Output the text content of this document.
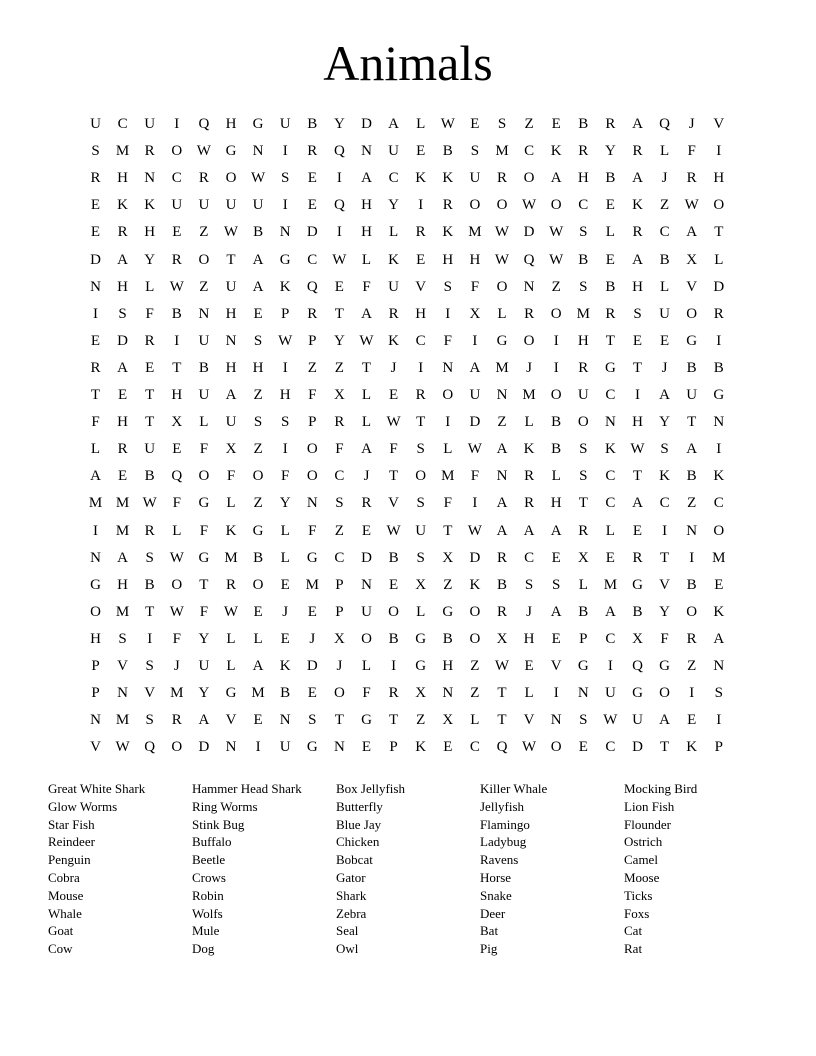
Animals
U	C	U	I	Q	H	G	U	B	Y	D	A	L	W	E	S	Z	E	B	R	A	Q	J	V
S	M	R	O W G	N	I	R	Q	N	U	E	B	S	M	C	K	R	Y	R	L	F	I
R	H	N	C	R	O W	S	E	I	A	C	K	K	U	R	O	A	H	B	A	J	R	H
E	K	K	U	U	U	U	I	E	Q	H	Y	I	R	O	O W O	C	E	K	Z	W O
E	R	H	E	Z	W	B	N	D	I	H	L	R	K	M W D W	S	L	R	C	A	T
D	A	Y	R	O	T	A	G	C	W	L	K	E	H	H W Q W	B	E	A	B	X	L
N	H	L	W	Z	U	A	K	Q	E	F	U	V	S	F	O	N	Z	S	B	H	L	V	D
I	S	F	B	N	H	E	P	R	T	A	R	H	I	X	L	R	O	M	R	S	U	O	R
E	D	R	I	U	N	S	W	P	Y W K	C	F	I	G	O	I	H	T	E	E	G	I
R	A	E	T	B	H	H	I	Z	Z	T	J	I	N	A	M	J	I	R	G	T	J	B	B
T	E	T	H	U	A	Z	H	F	X	L	E	R	O	U	N	M	O	U	C	I	A	U	G
F	H	T	X	L	U	S	S	P	R	L	W	T	I	D	Z	L	B	O	N	H	Y	T	N
L	R	U	E	F	X	Z	I	O	F	A	F	S	L	W A	K	B	S	K W	S	A	I
A	E	B	Q	O	F	O	F	O	C	J	T	O	M	F	N	R	L	S	C	T	K	B	K
M M W	F	G	L	Z	Y	N	S	R	V	S	F	I	A	R	H	T	C	A	C	Z	C
I	M	R	L	F	K	G	L	F	Z	E	W U	T	W A	A	A	R	L	E	I	N	O
N	A	S	W G	M	B	L	G	C	D	B	S	X	D	R	C	E	X	E	R	T	I	M
G	H	B	O	T	R	O	E	M	P	N	E	X	Z	K	B	S	S	L	M	G	V	B	E
O	M	T	W	F	W	E	J	E	P	U	O	L	G	O	R	J	A	B	A	B	Y	O	K
H	S	I	F	Y	L	L	E	J	X	O	B	G	B	O	X	H	E	P	C	X	F	R	A
P	V	S	J	U	L	A	K	D	J	L	I	G	H	Z	W	E	V	G	I	Q	G	Z	N
P	N	V	M	Y	G	M	B	E	O	F	R	X	N	Z	T	L	I	N	U	G	O	I	S
N	M	S	R	A	V	E	N	S	T	G	T	Z	X	L	T	V	N	S	W U	A	E	I
V W Q	O	D	N	I	U	G	N	E	P	K	E	C	Q W O	E	C	D	T	K	P
Great White Shark
Glow Worms
Star Fish
Reindeer
Penguin
Cobra
Mouse
Whale
Goat
Cow
Hammer Head Shark
Ring Worms
Stink Bug
Buffalo
Beetle
Crows
Robin
Wolfs
Mule
Dog
Box Jellyfish
Butterfly
Blue Jay
Chicken
Bobcat
Gator
Shark
Zebra
Seal
Owl
Killer Whale
Jellyfish
Flamingo
Ladybug
Ravens
Horse
Snake
Deer
Bat
Pig
Mocking Bird
Lion Fish
Flounder
Ostrich
Camel
Moose
Ticks
Foxs
Cat
Rat
